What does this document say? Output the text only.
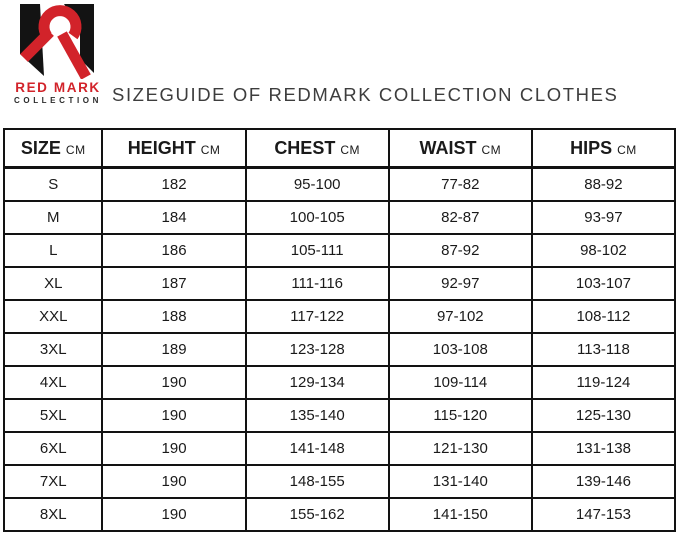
RED MARK
COLLECTION SIZEGUIDE OF REDMARK COLLECTION CLOTHES
SIZE CM	HEIGHT CM	CHEST CM	WAIST CM	HIPS CM
S	182	95-100	77-82	88-92
M	184	100-105	82-87	93-97
L	186	105-111	87-92	98-102
XL	187	111-116	92-97	103-107
XXL	188	117-122	97-102	108-112
3XL	189	123-128	103-108	113-118
4XL	190	129-134	109-114	119-124
5XL	190	135-140	115-120	125-130
6XL	190	141-148	121-130	131-138
7XL	190	148-155	131-140	139-146
8XL	190	155-162	141-150	147-153
